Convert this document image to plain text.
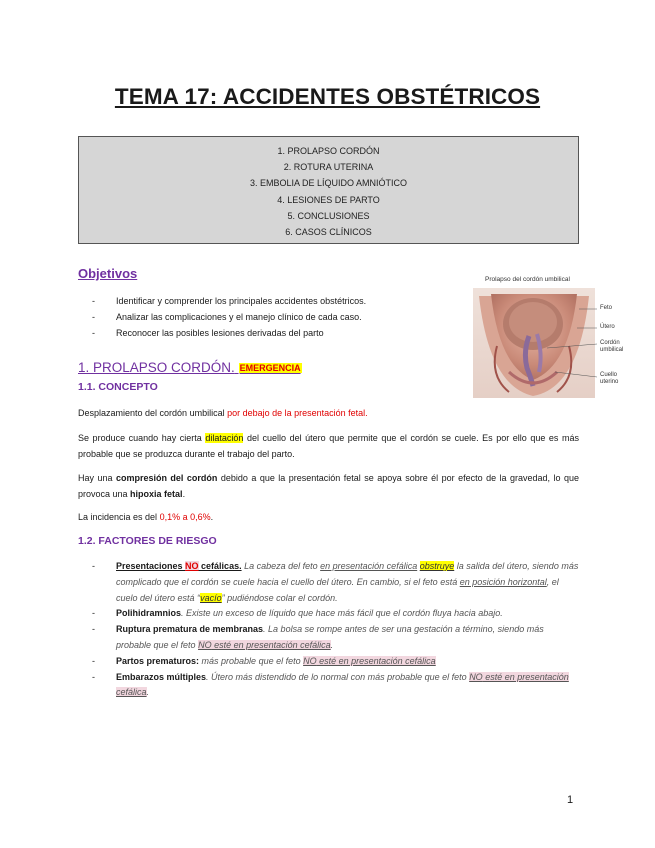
TEMA 17: ACCIDENTES OBSTÉTRICOS
1. PROLAPSO CORDÓN
2. ROTURA UTERINA
3. EMBOLIA DE LÍQUIDO AMNIÓTICO
4. LESIONES DE PARTO
5. CONCLUSIONES
6. CASOS CLÍNICOS
Objetivos
- Identificar y comprender los principales accidentes obstétricos.
- Analizar las complicaciones y el manejo clínico de cada caso.
- Reconocer las posibles lesiones derivadas del parto
Prolapso del cordón umbilical
Feto
Útero
Cordón umbilical
Cuello uterino
1. PROLAPSO CORDÓN. EMERGENCIA
1.1. CONCEPTO

Desplazamiento del cordón umbilical por debajo de la presentación fetal.

Se produce cuando hay cierta dilatación del cuello del útero que permite que el cordón se cuele. Es por ello que es más probable que se produzca durante el trabajo del parto.

Hay una compresión del cordón debido a que la presentación fetal se apoya sobre él por efecto de la gravedad, lo que provoca una hipoxia fetal.

La incidencia es del 0,1% a 0,6%.

1.2. FACTORES DE RIESGO
- Presentaciones NO cefálicas. La cabeza del feto en presentación cefálica obstruye la salida del útero, siendo más complicado que el cordón se cuele hacia el cuello del útero. En cambio, si el feto está en posición horizontal, el cuelo del útero está “vacío” pudiéndose colar el cordón.
- Polihidramnios. Existe un exceso de líquido que hace más fácil que el cordón fluya hacia abajo.
- Ruptura prematura de membranas. La bolsa se rompe antes de ser una gestación a término, siendo más probable que el feto NO esté en presentación cefálica.
- Partos prematuros: más probable que el feto NO esté en presentación cefálica
- Embarazos múltiples. Útero más distendido de lo normal con más probable que el feto NO esté en presentación cefálica.
1
